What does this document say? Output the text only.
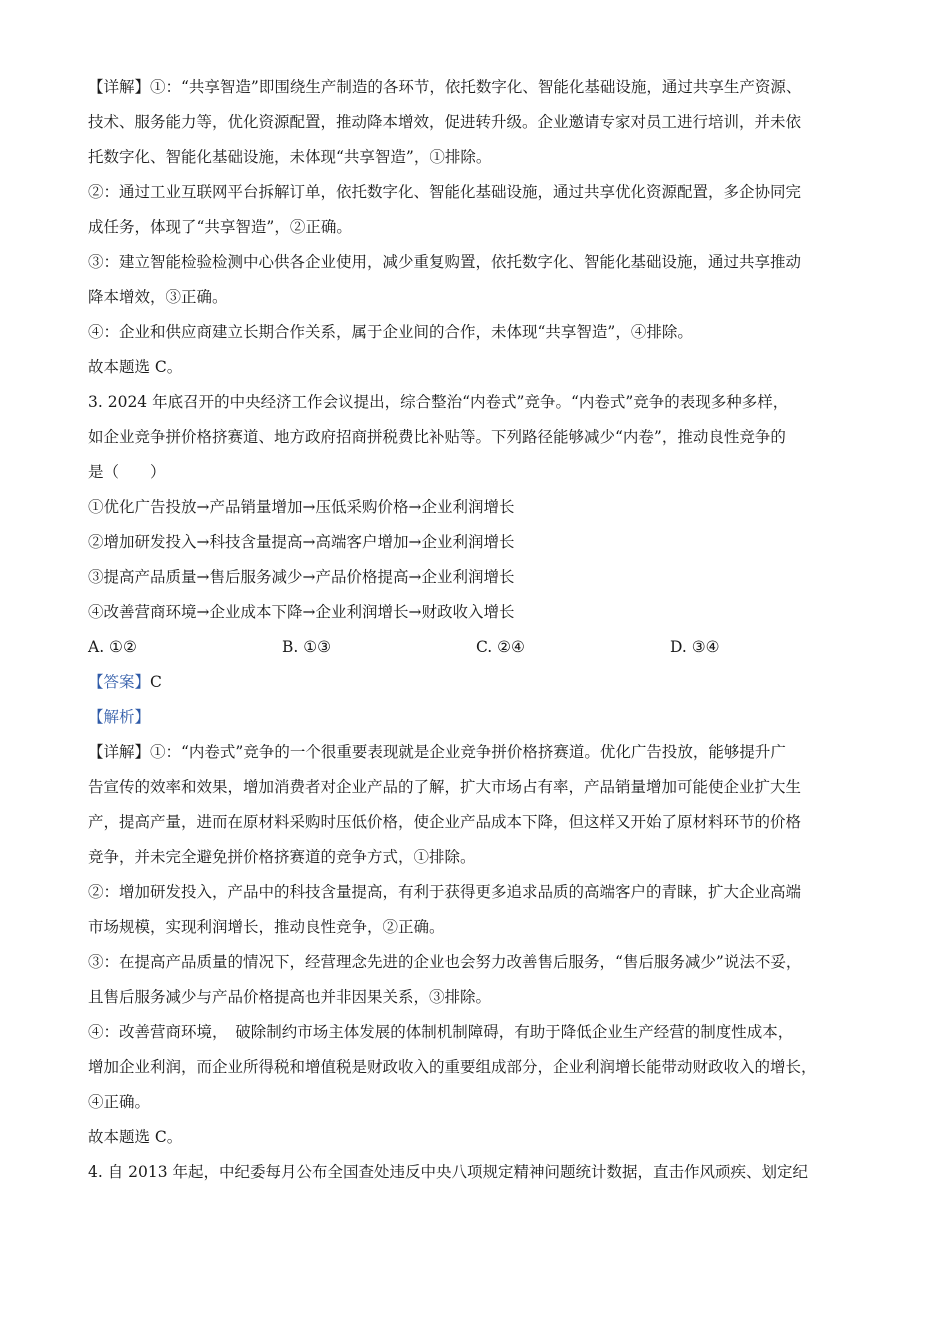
【详解】①：“共享智造”即围绕生产制造的各环节，依托数字化、智能化基础设施，通过共享生产资源、
技术、服务能力等，优化资源配置，推动降本增效，促进转升级。企业邀请专家对员工进行培训，并未依
托数字化、智能化基础设施，未体现“共享智造”，①排除。
②：通过工业互联网平台拆解订单，依托数字化、智能化基础设施，通过共享优化资源配置，多企协同完
成任务，体现了“共享智造”，②正确。
③：建立智能检验检测中心供各企业使用，减少重复购置，依托数字化、智能化基础设施，通过共享推动
降本增效，③正确。
④：企业和供应商建立长期合作关系，属于企业间的合作，未体现“共享智造”，④排除。
故本题选 C。
3. 2024 年底召开的中央经济工作会议提出，综合整治“内卷式”竞争。“内卷式”竞争的表现多种多样，
如企业竞争拼价格挤赛道、地方政府招商拼税费比补贴等。下列路径能够减少“内卷”，推动良性竞争的
是（　　）
①优化广告投放→产品销量增加→压低采购价格→企业利润增长
②增加研发投入→科技含量提高→高端客户增加→企业利润增长
③提高产品质量→售后服务减少→产品价格提高→企业利润增长
④改善营商环境→企业成本下降→企业利润增长→财政收入增长
A. ①②	B. ①③	C. ②④	D. ③④
【答案】C
【解析】
【详解】①：“内卷式”竞争的一个很重要表现就是企业竞争拼价格挤赛道。优化广告投放，能够提升广
告宣传的效率和效果，增加消费者对企业产品的了解，扩大市场占有率，产品销量增加可能使企业扩大生
产，提高产量，进而在原材料采购时压低价格，使企业产品成本下降，但这样又开始了原材料环节的价格
竞争，并未完全避免拼价格挤赛道的竞争方式，①排除。
②：增加研发投入，产品中的科技含量提高，有利于获得更多追求品质的高端客户的青睐，扩大企业高端
市场规模，实现利润增长，推动良性竞争，②正确。
③：在提高产品质量的情况下，经营理念先进的企业也会努力改善售后服务，“售后服务减少”说法不妥，
且售后服务减少与产品价格提高也并非因果关系，③排除。
④：改善营商环境，　破除制约市场主体发展的体制机制障碍，有助于降低企业生产经营的制度性成本，
增加企业利润，而企业所得税和增值税是财政收入的重要组成部分，企业利润增长能带动财政收入的增长，
④正确。
故本题选 C。
4. 自 2013 年起，中纪委每月公布全国查处违反中央八项规定精神问题统计数据，直击作风顽疾、划定纪
